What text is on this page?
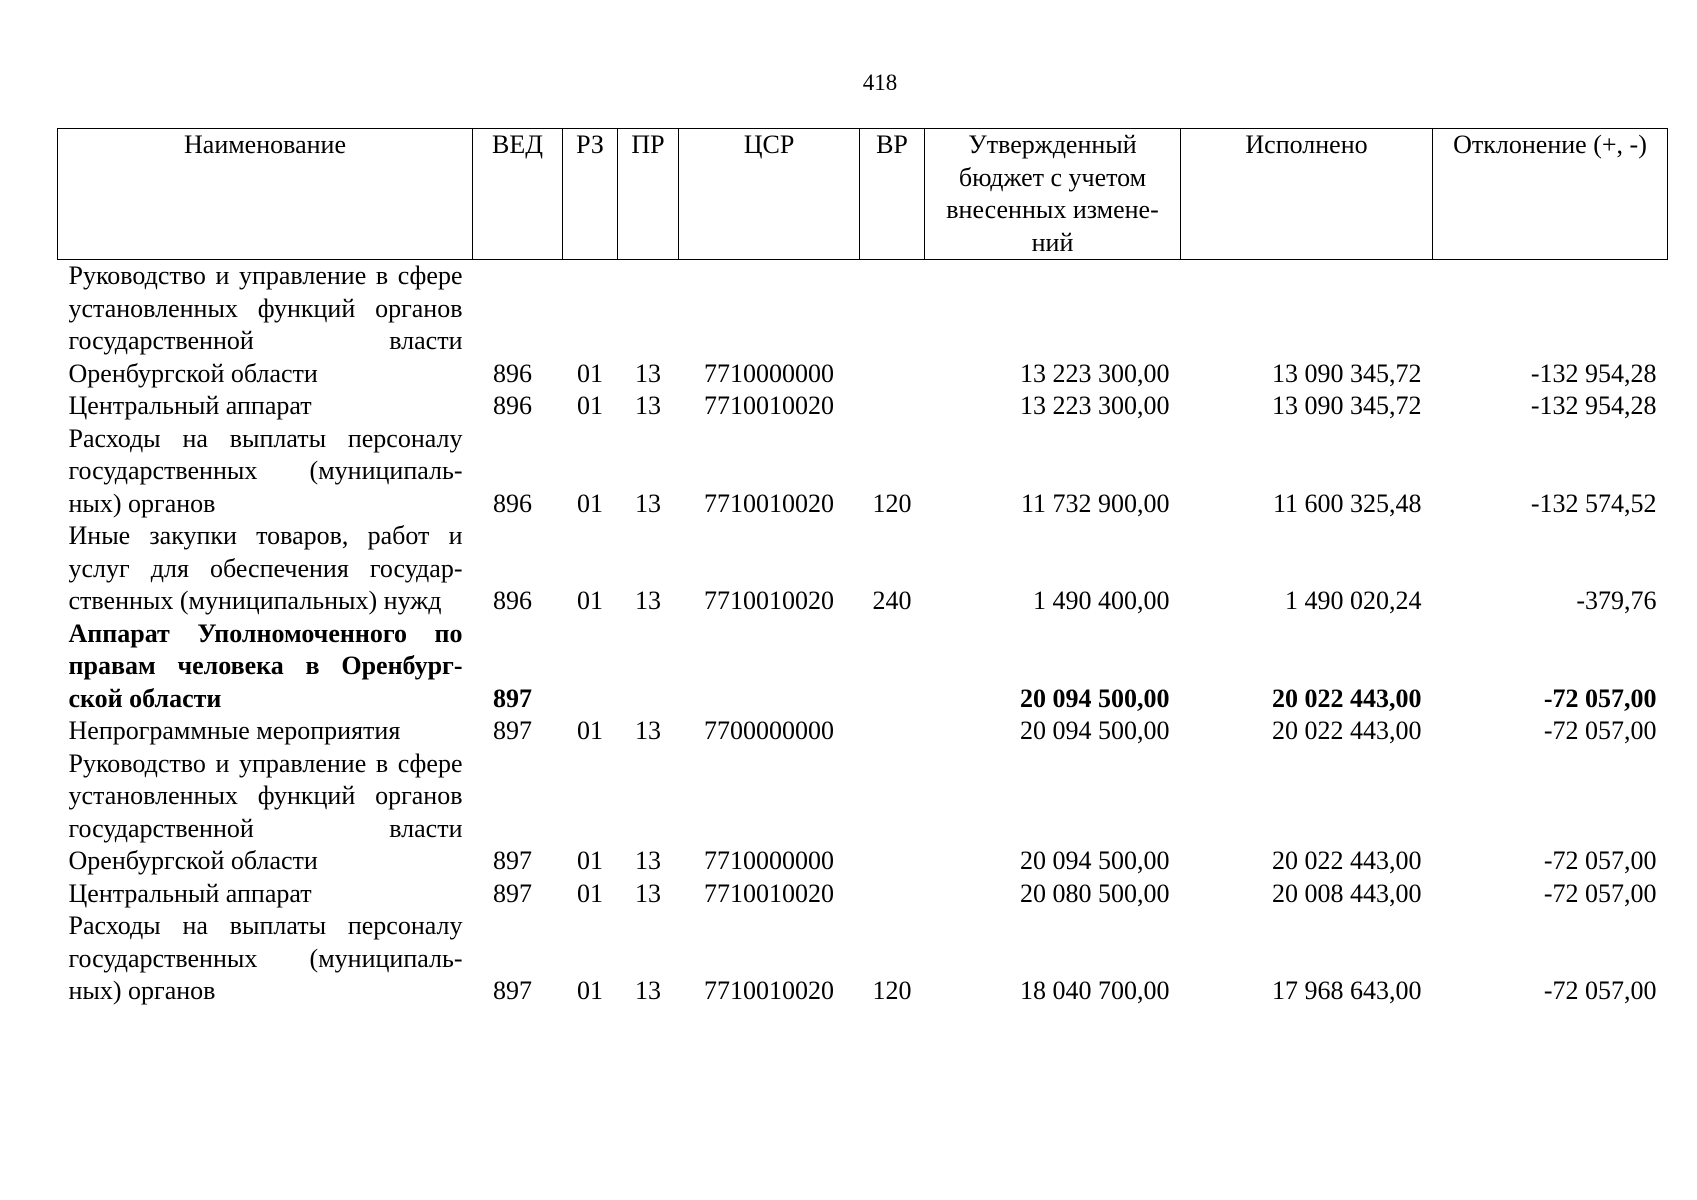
418
Наименование	ВЕД	РЗ	ПР	ЦСР	ВР	Утвержденный бюджет с учетом внесенных измене-ний	Исполнено	Отклонение (+, -)
Руководство и управление в сфере установленных функций органов государственной власти Оренбургской области	896	01	13	7710000000		13 223 300,00	13 090 345,72	-132 954,28
Центральный аппарат	896	01	13	7710010020		13 223 300,00	13 090 345,72	-132 954,28
Расходы на выплаты персоналу государственных (муниципаль-ных) органов	896	01	13	7710010020	120	11 732 900,00	11 600 325,48	-132 574,52
Иные закупки товаров, работ и услуг для обеспечения государ-ственных (муниципальных) нужд	896	01	13	7710010020	240	1 490 400,00	1 490 020,24	-379,76
Аппарат Уполномоченного по правам человека в Оренбург-ской области	897					20 094 500,00	20 022 443,00	-72 057,00
Непрограммные мероприятия	897	01	13	7700000000		20 094 500,00	20 022 443,00	-72 057,00
Руководство и управление в сфере установленных функций органов государственной власти Оренбургской области	897	01	13	7710000000		20 094 500,00	20 022 443,00	-72 057,00
Центральный аппарат	897	01	13	7710010020		20 080 500,00	20 008 443,00	-72 057,00
Расходы на выплаты персоналу государственных (муниципаль-ных) органов	897	01	13	7710010020	120	18 040 700,00	17 968 643,00	-72 057,00
